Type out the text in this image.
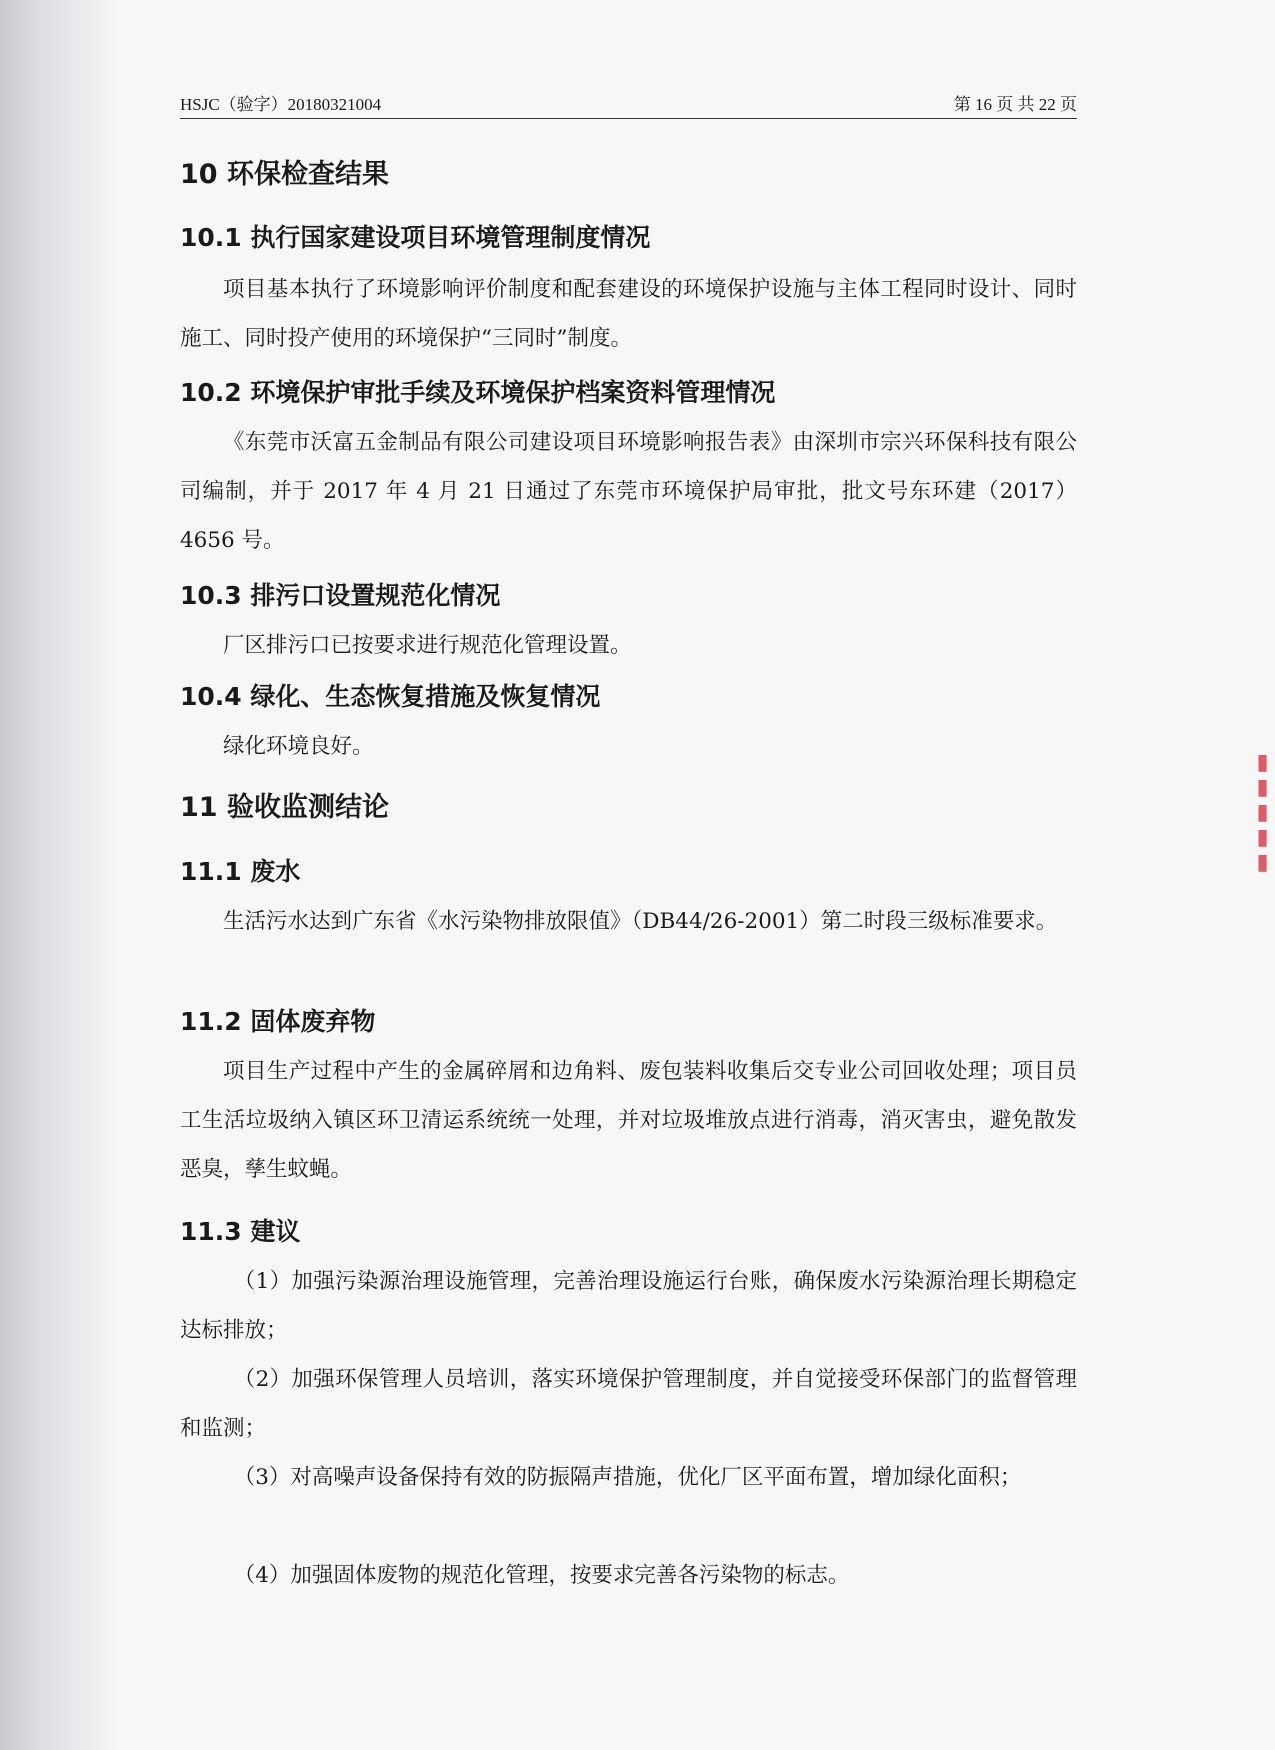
HSJC（验字）20180321004	第 16 页 共 22 页
10 环保检查结果
10.1 执行国家建设项目环境管理制度情况

项目基本执行了环境影响评价制度和配套建设的环境保护设施与主体工程同时设计、同时施工、同时投产使用的环境保护“三同时”制度。

10.2 环境保护审批手续及环境保护档案资料管理情况

《东莞市沃富五金制品有限公司建设项目环境影响报告表》由深圳市宗兴环保科技有限公司编制，并于 2017 年 4 月 21 日通过了东莞市环境保护局审批，批文号东环建（2017）4656 号。

10.3 排污口设置规范化情况

厂区排污口已按要求进行规范化管理设置。

10.4 绿化、生态恢复措施及恢复情况

绿化环境良好。

11 验收监测结论
11.1 废水

生活污水达到广东省《水污染物排放限值》（DB44/26-2001）第二时段三级标准要求。

11.2 固体废弃物

项目生产过程中产生的金属碎屑和边角料、废包装料收集后交专业公司回收处理；项目员工生活垃圾纳入镇区环卫清运系统统一处理，并对垃圾堆放点进行消毒，消灭害虫，避免散发恶臭，孳生蚊蝇。

11.3 建议

（1）加强污染源治理设施管理，完善治理设施运行台账，确保废水污染源治理长期稳定达标排放；

（2）加强环保管理人员培训，落实环境保护管理制度，并自觉接受环保部门的监督管理和监测；

（3）对高噪声设备保持有效的防振隔声措施，优化厂区平面布置，增加绿化面积；

（4）加强固体废物的规范化管理，按要求完善各污染物的标志。

▮▮▮▮▮
